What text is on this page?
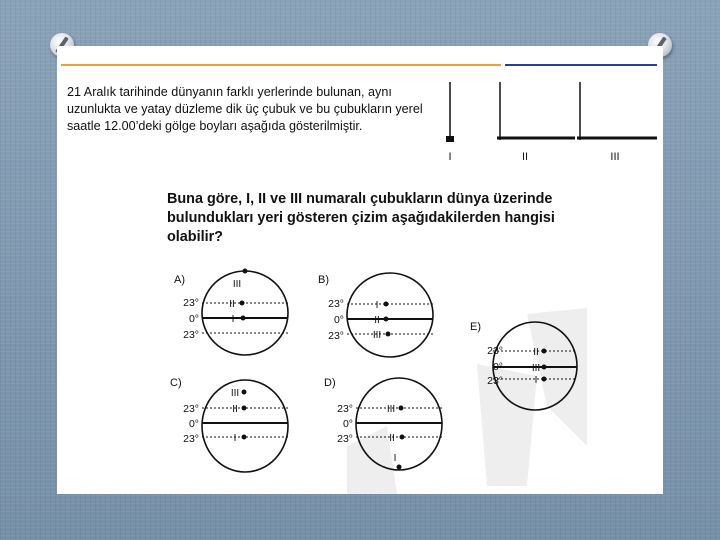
21 Aralık tarihinde dünyanın farklı yerlerinde bulunan, aynı uzunlukta ve yatay düzleme dik üç çubuk ve bu çubukların yerel saatle 12.00’deki gölge boyları aşağıda gösterilmiştir.
Buna göre, I, II ve III numaralı çubukların dünya üzerinde bulundukları yeri gösteren çizim aşağıdakilerden hangisi olabilir?
I	II	III
A)
23°
0°
23°
III
II
I
B)
23°
0°
23°
I
II
III
C)
23°
0°
23°
III
II
I
D)
23°
0°
23°
III
II
I
E)
23°
0°
23°
II
III
I
